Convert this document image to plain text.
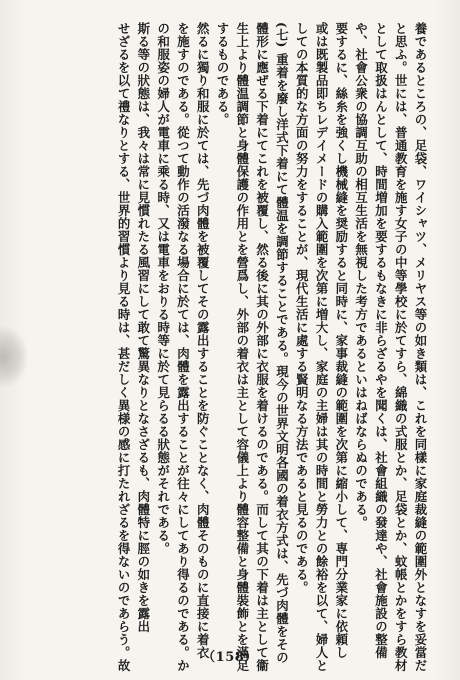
養であるところの、足袋、ワイシャツ、メリヤス等の如き類は、これを同樣に家庭裁縫の範圍外となすを妥當だ
と思ふ。世には、普通教育を施す女子の中等學校に於てすら、綿織の式服とか、足袋とか、蚊帳とかをすら教材
として取扱はんとして、時間増加を要するもなきに非らざるやを聞くは、社會組織の發達や、社會施設の整備
や、社會公衆の協調互助の相互生活を無視した考方であるといはねばならぬのである。
要するに、絲糸を強くし機械縫を奨励すると同時に、家事裁縫の範圍を次第に縮小して、専門分業家に依頼し
或は既製品即ちレデイメードの購入範圍を次第に増大し、家庭の主婦は其の時間と勞力との餘裕を以て、婦人と
しての本質的な方面の努力をすることが、現代生活に處する賢明なる方法であると見るのである。
(七) 重着を廢し洋式下着にて體温を調節することである。現今の世界文明各國の着衣方式は、先づ肉體をその
體形に應ぜる下着にてこれを被覆し、然る後に其の外部に衣服を着けるのである。而して其の下着は主として衞
生上より體温調節と身體保護の作用とを營爲し、外部の着衣は主として容儀上より體容整備と身體裝飾とを滿足
するものである。
然るに獨り和服に於ては、先づ肉體を被覆してその露出することを防ぐことなく、肉體そのものに直接に着衣
を施すのである。從つて動作の活潑なる場合に於ては、肉體を露出することが往々にしてあり得るのである。か
の和服姿の婦人が電車に乘る時、又は電車をおりる時等に於て見らるる狀態がそれである。
斯る等の狀態は、我々は常に見慣れたる風習にして敢て驚異なりとなさざるも、肉體特に脛の如きを露出
せざるを以て禮なりとする、世界的習慣より見る時は、甚だしく異様の感に打たれざるを得ないのであらう。故	（158）
